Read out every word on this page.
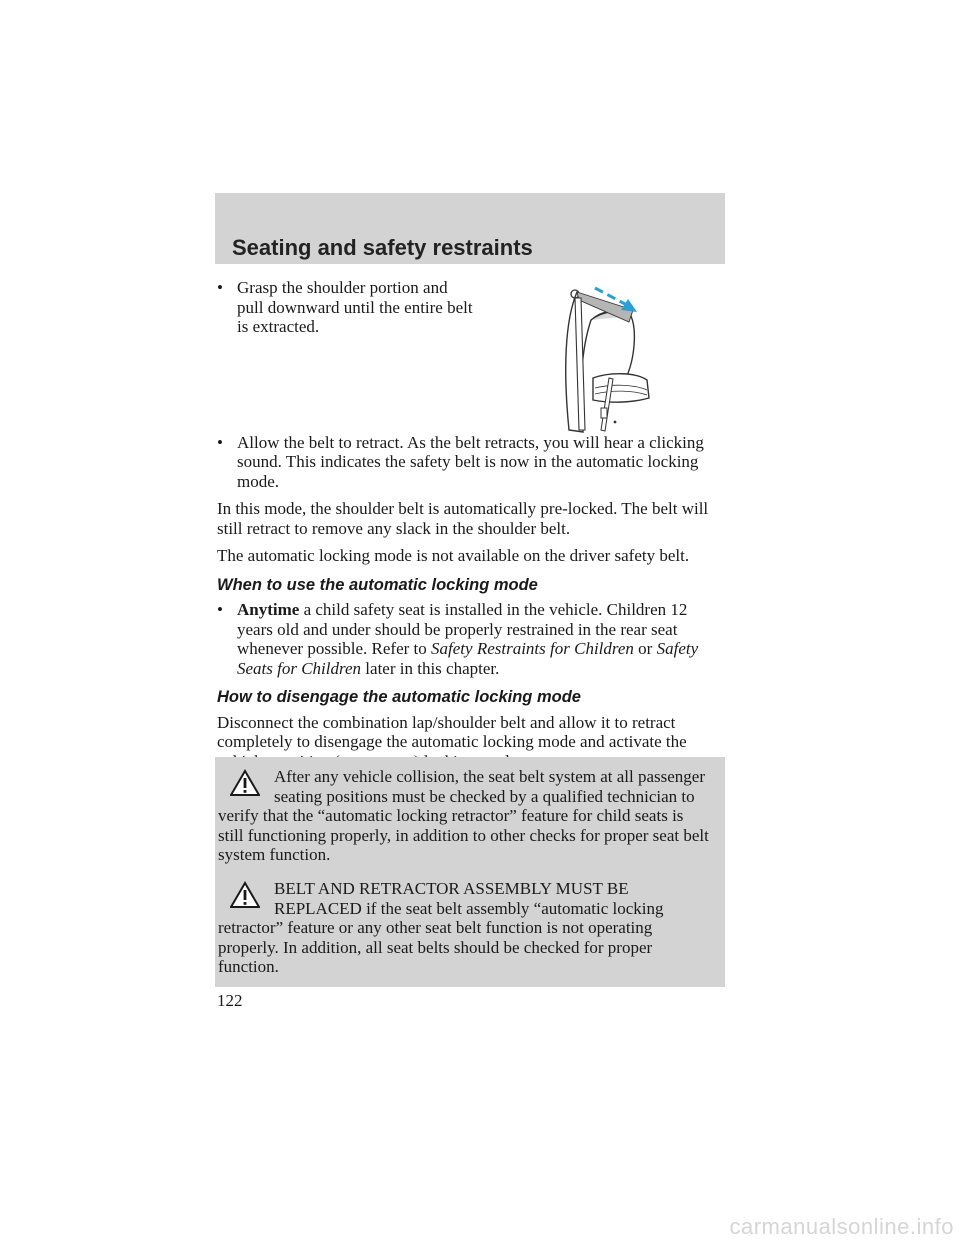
Seating and safety restraints
• Grasp the shoulder portion and pull downward until the entire belt is extracted.
• Allow the belt to retract. As the belt retracts, you will hear a clicking sound. This indicates the safety belt is now in the automatic locking mode.

In this mode, the shoulder belt is automatically pre-locked. The belt will still retract to remove any slack in the shoulder belt.

The automatic locking mode is not available on the driver safety belt.

When to use the automatic locking mode
• Anytime a child safety seat is installed in the vehicle. Children 12 years old and under should be properly restrained in the rear seat whenever possible. Refer to Safety Restraints for Children or Safety Seats for Children later in this chapter.
How to disengage the automatic locking mode

Disconnect the combination lap/shoulder belt and allow it to retract completely to disengage the automatic locking mode and activate the

After any vehicle collision, the seat belt system at all passenger seating positions must be checked by a qualified technician to verify that the “automatic locking retractor” feature for child seats is still functioning properly, in addition to other checks for proper seat belt system function.
BELT AND RETRACTOR ASSEMBLY MUST BE REPLACED if the seat belt assembly “automatic locking retractor” feature or any other seat belt function is not operating properly. In addition, all seat belts should be checked for proper function.
122
carmanualsonline.info
